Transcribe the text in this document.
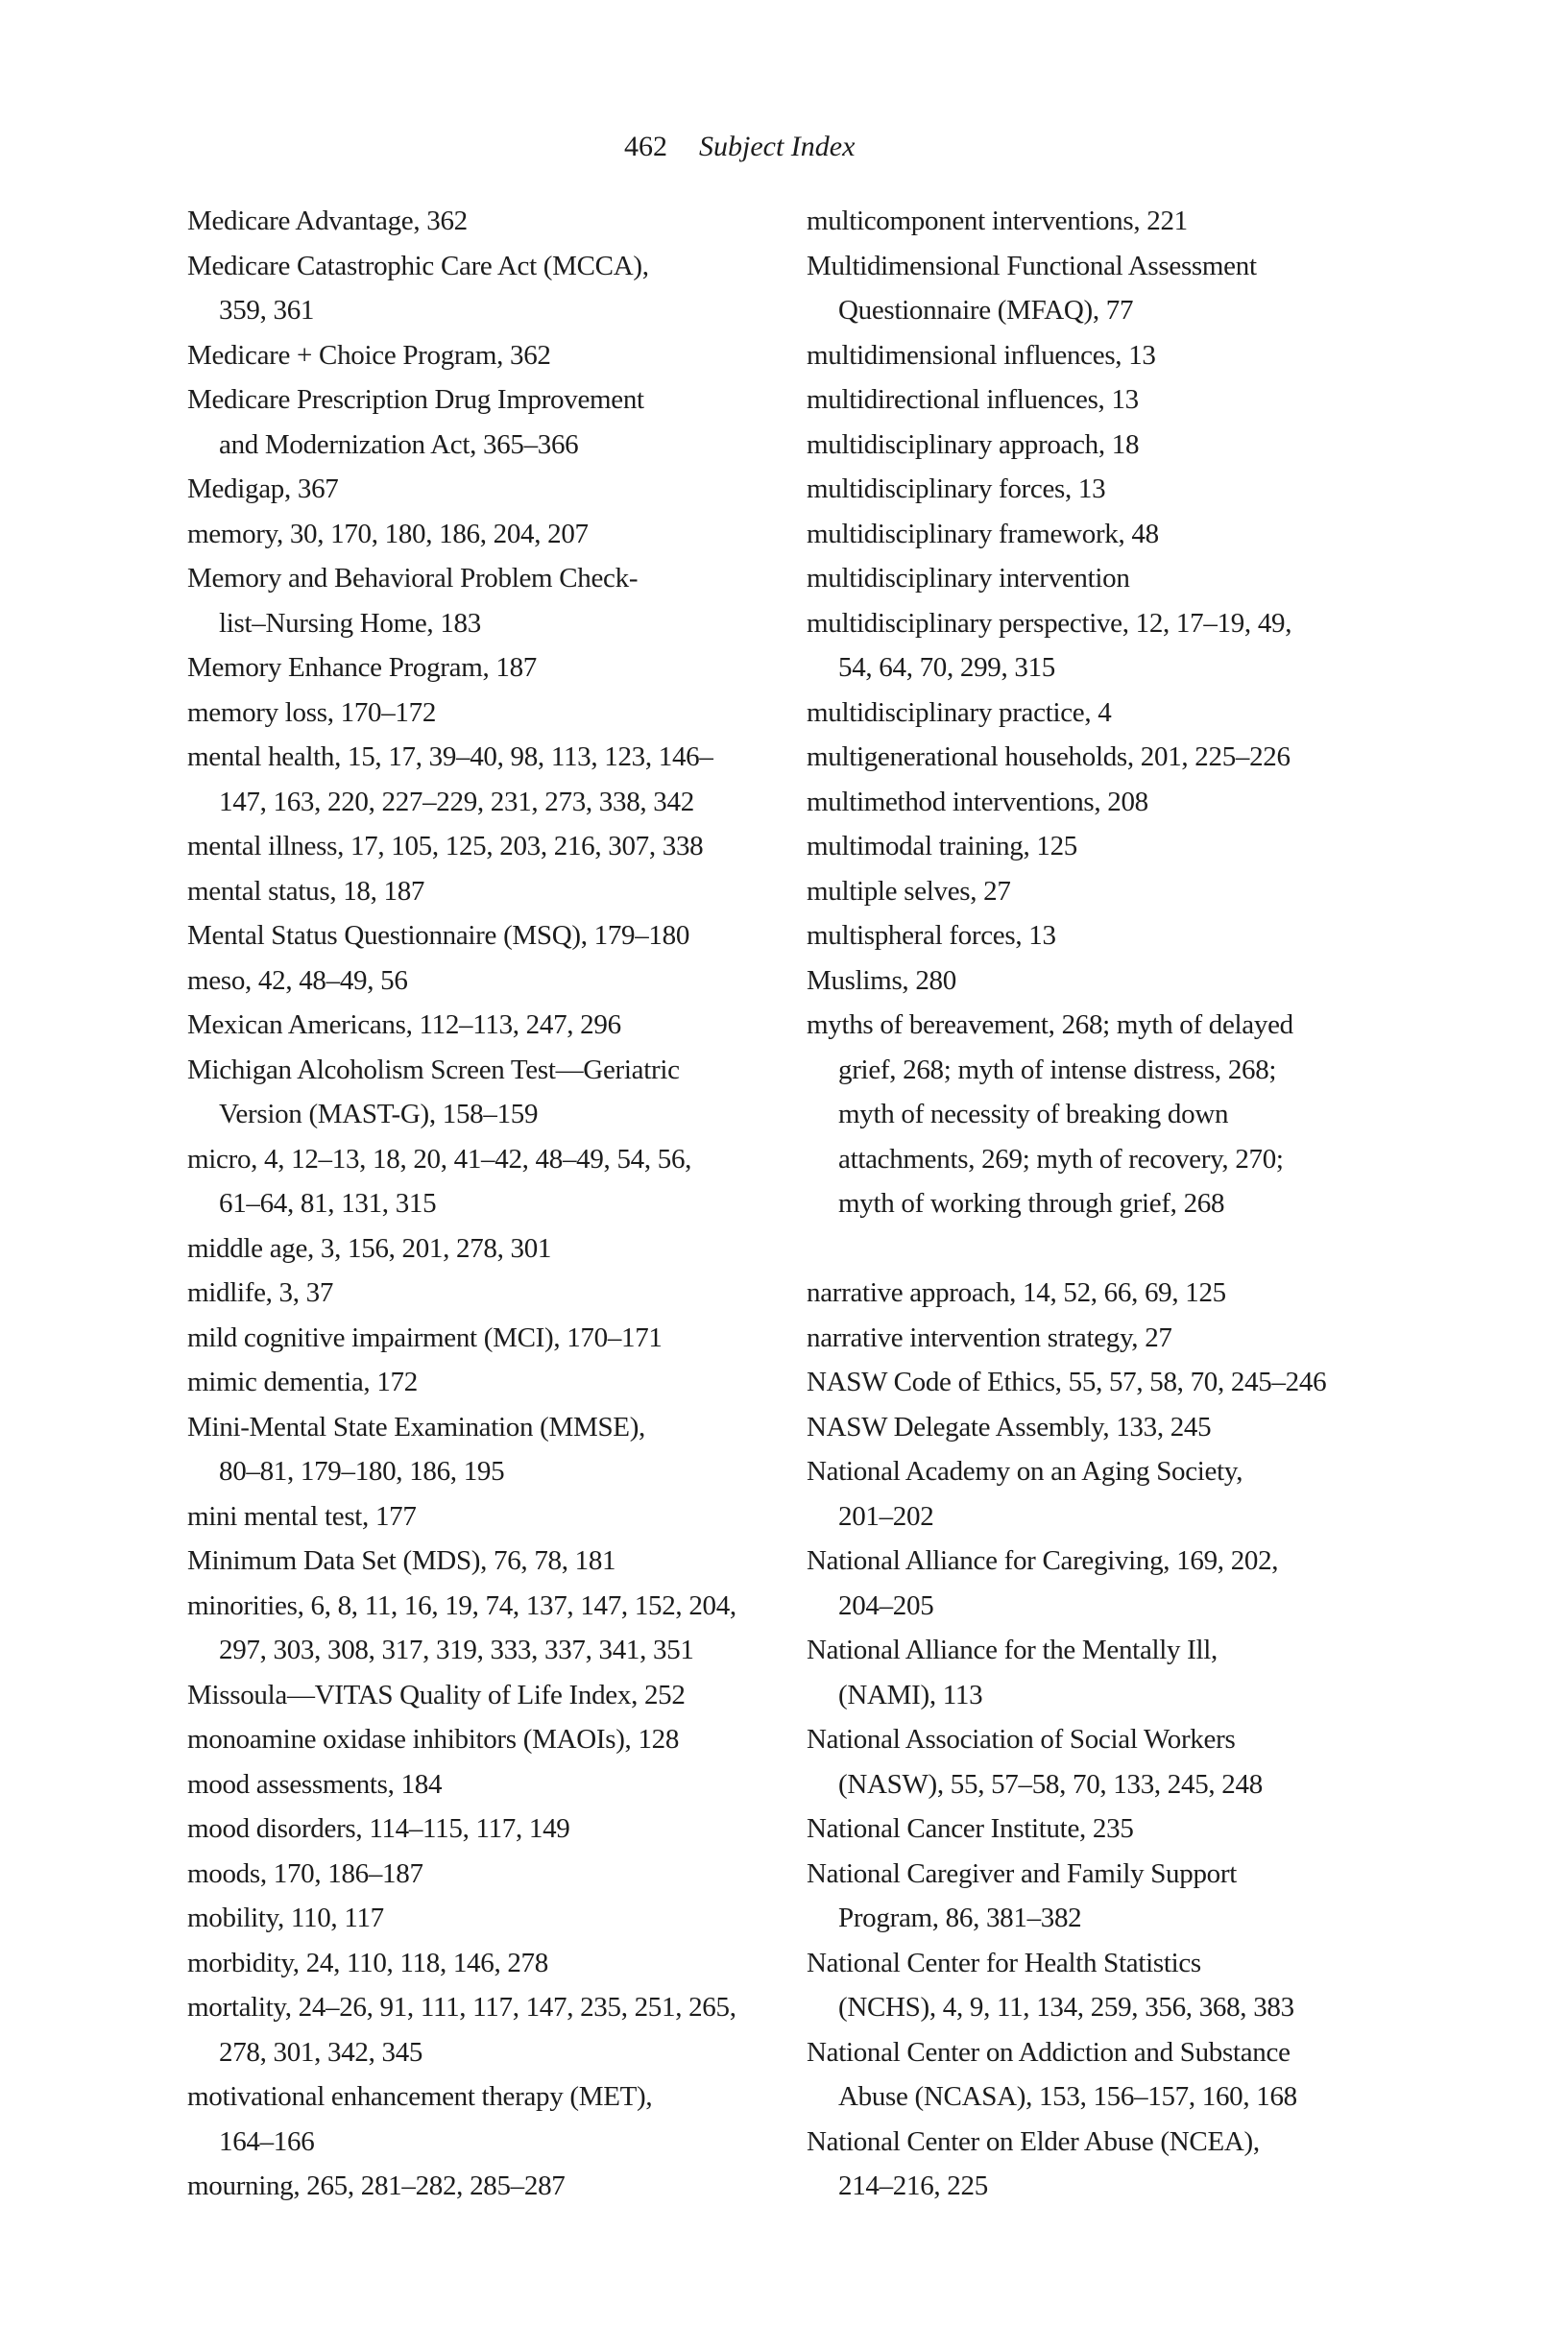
462 Subject Index
Medicare Advantage, 362
Medicare Catastrophic Care Act (MCCA),
359, 361
Medicare + Choice Program, 362
Medicare Prescription Drug Improvement
and Modernization Act, 365–366
Medigap, 367
memory, 30, 170, 180, 186, 204, 207
Memory and Behavioral Problem Check-
list–Nursing Home, 183
Memory Enhance Program, 187
memory loss, 170–172
mental health, 15, 17, 39–40, 98, 113, 123, 146–
147, 163, 220, 227–229, 231, 273, 338, 342
mental illness, 17, 105, 125, 203, 216, 307, 338
mental status, 18, 187
Mental Status Questionnaire (MSQ), 179–180
meso, 42, 48–49, 56
Mexican Americans, 112–113, 247, 296
Michigan Alcoholism Screen Test—Geriatric
Version (MAST-G), 158–159
micro, 4, 12–13, 18, 20, 41–42, 48–49, 54, 56,
61–64, 81, 131, 315
middle age, 3, 156, 201, 278, 301
midlife, 3, 37
mild cognitive impairment (MCI), 170–171
mimic dementia, 172
Mini-Mental State Examination (MMSE),
80–81, 179–180, 186, 195
mini mental test, 177
Minimum Data Set (MDS), 76, 78, 181
minorities, 6, 8, 11, 16, 19, 74, 137, 147, 152, 204,
297, 303, 308, 317, 319, 333, 337, 341, 351
Missoula—VITAS Quality of Life Index, 252
monoamine oxidase inhibitors (MAOIs), 128
mood assessments, 184
mood disorders, 114–115, 117, 149
moods, 170, 186–187
mobility, 110, 117
morbidity, 24, 110, 118, 146, 278
mortality, 24–26, 91, 111, 117, 147, 235, 251, 265,
278, 301, 342, 345
motivational enhancement therapy (MET),
164–166
mourning, 265, 281–282, 285–287
multicomponent interventions, 221
Multidimensional Functional Assessment
Questionnaire (MFAQ), 77
multidimensional influences, 13
multidirectional influences, 13
multidisciplinary approach, 18
multidisciplinary forces, 13
multidisciplinary framework, 48
multidisciplinary intervention
multidisciplinary perspective, 12, 17–19, 49,
54, 64, 70, 299, 315
multidisciplinary practice, 4
multigenerational households, 201, 225–226
multimethod interventions, 208
multimodal training, 125
multiple selves, 27
multispheral forces, 13
Muslims, 280
myths of bereavement, 268; myth of delayed
grief, 268; myth of intense distress, 268;
myth of necessity of breaking down
attachments, 269; myth of recovery, 270;
myth of working through grief, 268
narrative approach, 14, 52, 66, 69, 125
narrative intervention strategy, 27
NASW Code of Ethics, 55, 57, 58, 70, 245–246
NASW Delegate Assembly, 133, 245
National Academy on an Aging Society,
201–202
National Alliance for Caregiving, 169, 202,
204–205
National Alliance for the Mentally Ill,
(NAMI), 113
National Association of Social Workers
(NASW), 55, 57–58, 70, 133, 245, 248
National Cancer Institute, 235
National Caregiver and Family Support
Program, 86, 381–382
National Center for Health Statistics
(NCHS), 4, 9, 11, 134, 259, 356, 368, 383
National Center on Addiction and Substance
Abuse (NCASA), 153, 156–157, 160, 168
National Center on Elder Abuse (NCEA),
214–216, 225
